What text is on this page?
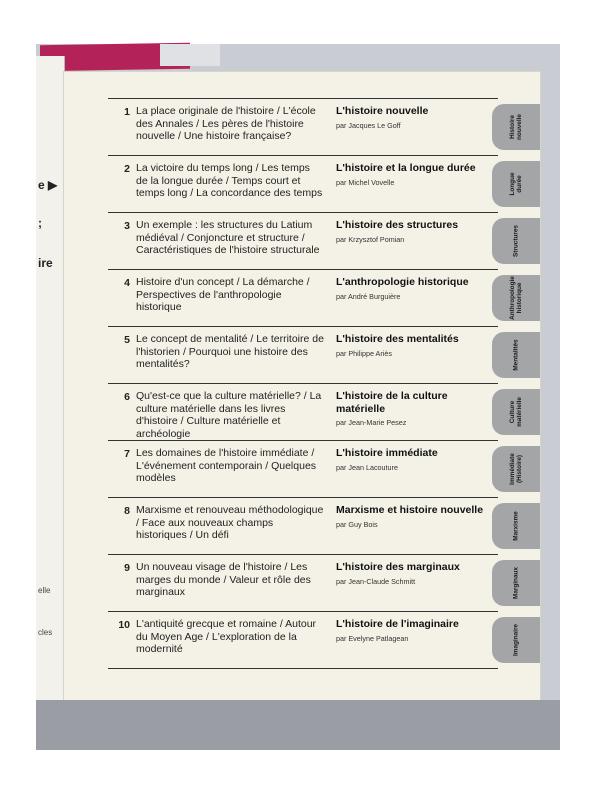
e ▶
;
ire
elle
cles
1 La place originale de l'histoire / L'école des Annales / Les pères de l'histoire nouvelle / Une histoire française?
L'histoire nouvelle
par Jacques Le Goff
2 La victoire du temps long / Les temps de la longue durée / Temps court et temps long / La concordance des temps
L'histoire et la longue durée
par Michel Vovelle
3 Un exemple : les structures du Latium médiéval / Conjoncture et structure / Caractéristiques de l'histoire structurale
L'histoire des structures
par Krzysztof Pomian
4 Histoire d'un concept / La démarche / Perspectives de l'anthropologie historique
L'anthropologie historique
par André Burguière
5 Le concept de mentalité / Le territoire de l'historien / Pourquoi une histoire des mentalités?
L'histoire des mentalités
par Philippe Ariès
6 Qu'est-ce que la culture matérielle? / La culture matérielle dans les livres d'histoire / Culture matérielle et archéologie
L'histoire de la culture matérielle
par Jean-Marie Pesez
7 Les domaines de l'histoire immédiate / L'événement contemporain / Quelques modèles
L'histoire immédiate
par Jean Lacouture
8 Marxisme et renouveau méthodologique / Face aux nouveaux champs historiques / Un défi
Marxisme et histoire nouvelle
par Guy Bois
9 Un nouveau visage de l'histoire / Les marges du monde / Valeur et rôle des marginaux
L'histoire des marginaux
par Jean-Claude Schmitt
10 L'antiquité grecque et romaine / Autour du Moyen Age / L'exploration de la modernité
L'histoire de l'imaginaire
par Evelyne Patlagean
Histoire
nouvelle
Longue
durée
Structures
Anthropologie
historique
Mentalités
Culture
matérielle
Immédiate
(Histoire)
Marxisme
Marginaux
Imaginaire
